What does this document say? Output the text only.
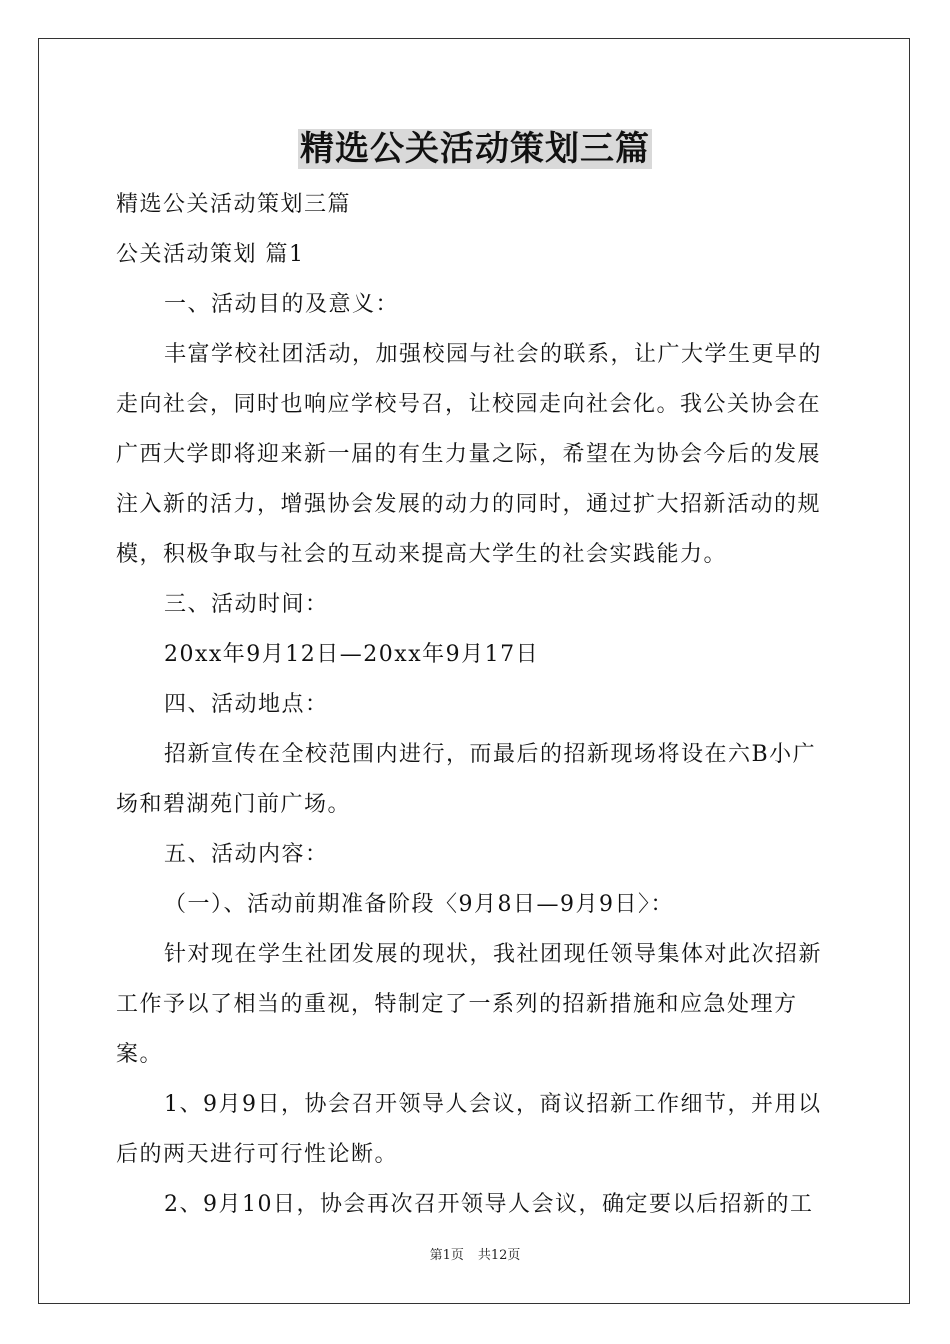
精选公关活动策划三篇

精选公关活动策划三篇

公关活动策划 篇1

一、活动目的及意义：

丰富学校社团活动，加强校园与社会的联系，让广大学生更早的走向社会，同时也响应学校号召，让校园走向社会化。我公关协会在广西大学即将迎来新一届的有生力量之际，希望在为协会今后的发展注入新的活力，增强协会发展的动力的同时，通过扩大招新活动的规模，积极争取与社会的互动来提高大学生的社会实践能力。

三、活动时间：

20xx年9月12日—20xx年9月17日

四、活动地点：

招新宣传在全校范围内进行，而最后的招新现场将设在六B小广场和碧湖苑门前广场。

五、活动内容：

（一）、活动前期准备阶段〈9月8日—9月9日〉：

针对现在学生社团发展的现状，我社团现任领导集体对此次招新工作予以了相当的重视，特制定了一系列的招新措施和应急处理方案。

1、9月9日，协会召开领导人会议，商议招新工作细节，并用以后的两天进行可行性论断。

2、9月10日，协会再次召开领导人会议，确定要以后招新的工

第1页 共12页
